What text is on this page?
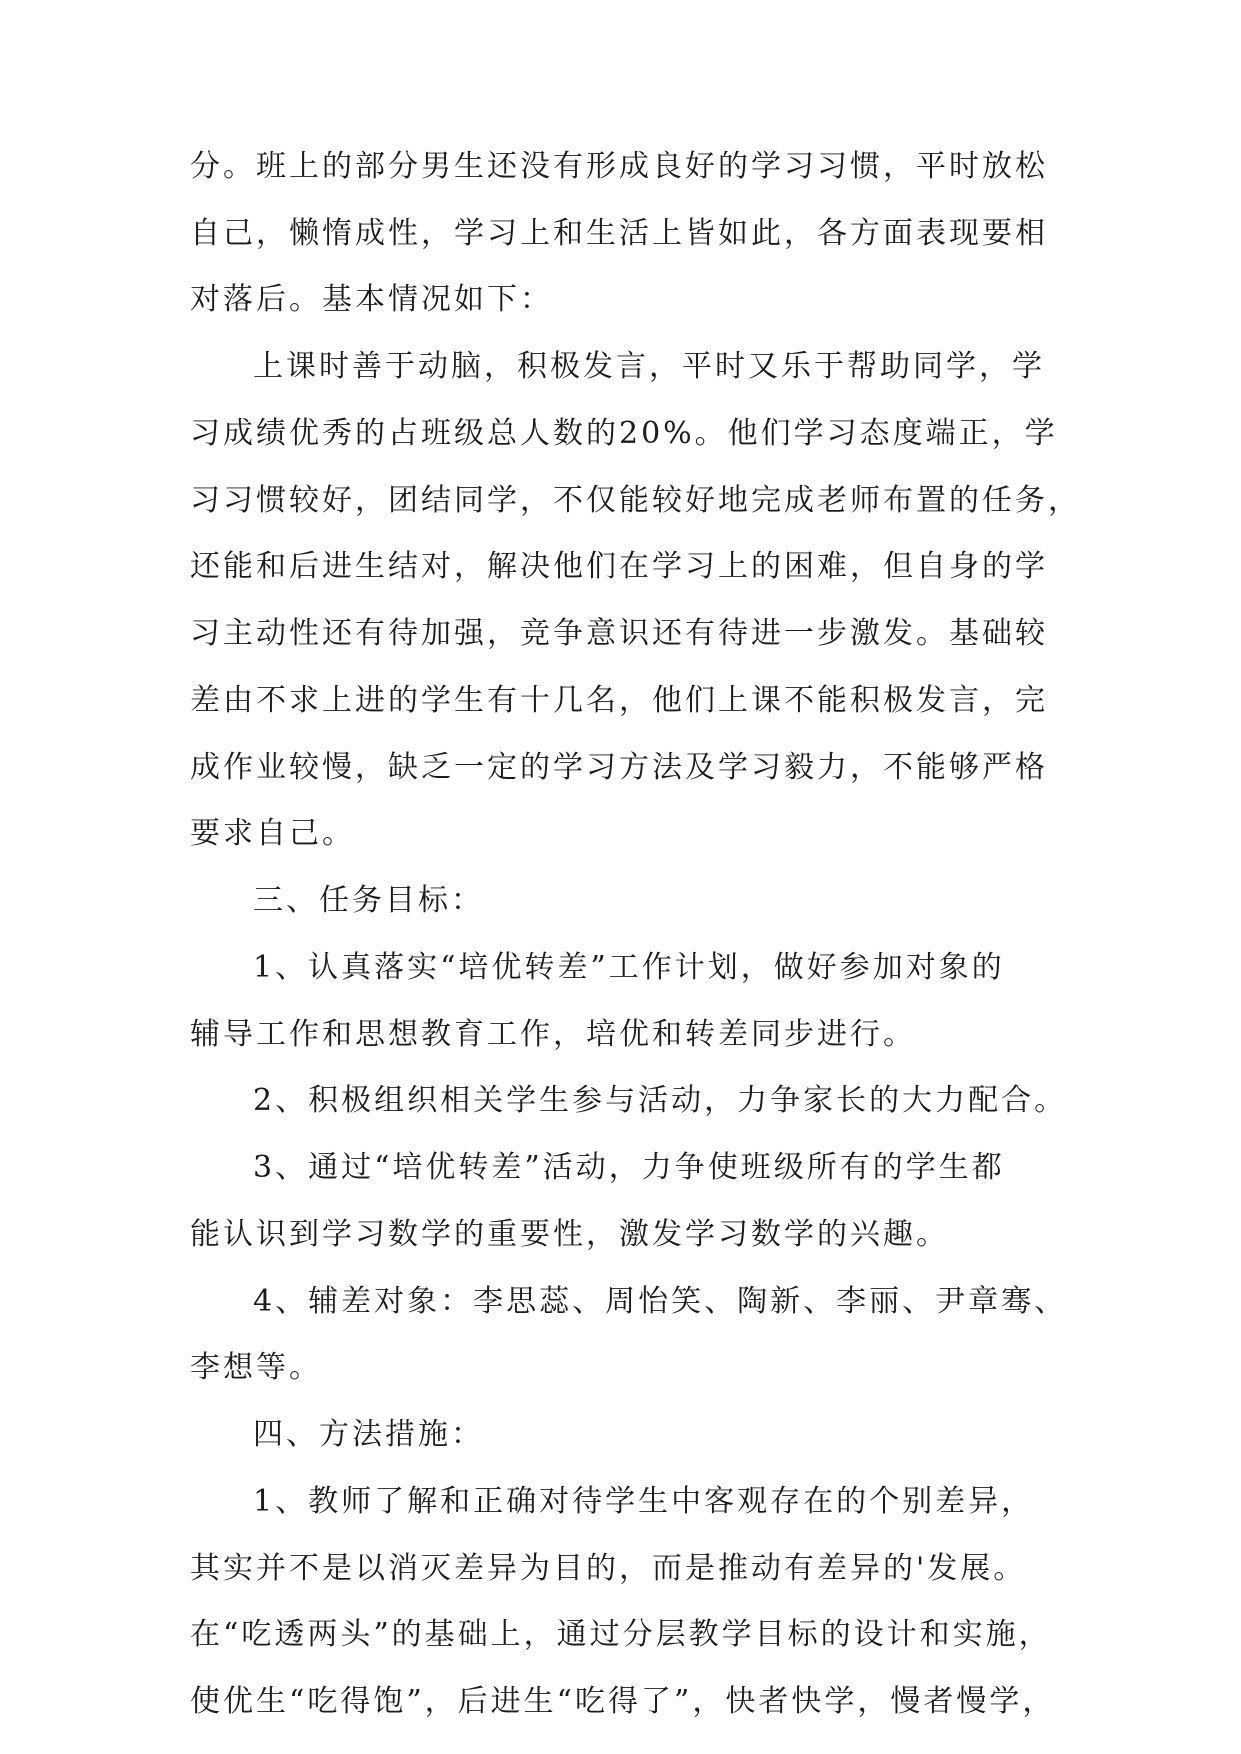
分。班上的部分男生还没有形成良好的学习习惯，平时放松
自己，懒惰成性，学习上和生活上皆如此，各方面表现要相
对落后。基本情况如下：
上课时善于动脑，积极发言，平时又乐于帮助同学，学
习成绩优秀的占班级总人数的20%。他们学习态度端正，学
习习惯较好，团结同学，不仅能较好地完成老师布置的任务，
还能和后进生结对，解决他们在学习上的困难，但自身的学
习主动性还有待加强，竞争意识还有待进一步激发。基础较
差由不求上进的学生有十几名，他们上课不能积极发言，完
成作业较慢，缺乏一定的学习方法及学习毅力，不能够严格
要求自己。
三、任务目标：
1、认真落实“培优转差”工作计划，做好参加对象的
辅导工作和思想教育工作，培优和转差同步进行。
2、积极组织相关学生参与活动，力争家长的大力配合。
3、通过“培优转差”活动，力争使班级所有的学生都
能认识到学习数学的重要性，激发学习数学的兴趣。
4、辅差对象：李思蕊、周怡笑、陶新、李丽、尹章骞、
李想等。
四、方法措施：
1、教师了解和正确对待学生中客观存在的个别差异，
其实并不是以消灭差异为目的，而是推动有差异的'发展。
在“吃透两头”的基础上，通过分层教学目标的设计和实施，
使优生“吃得饱”，后进生“吃得了”，快者快学，慢者慢学，
